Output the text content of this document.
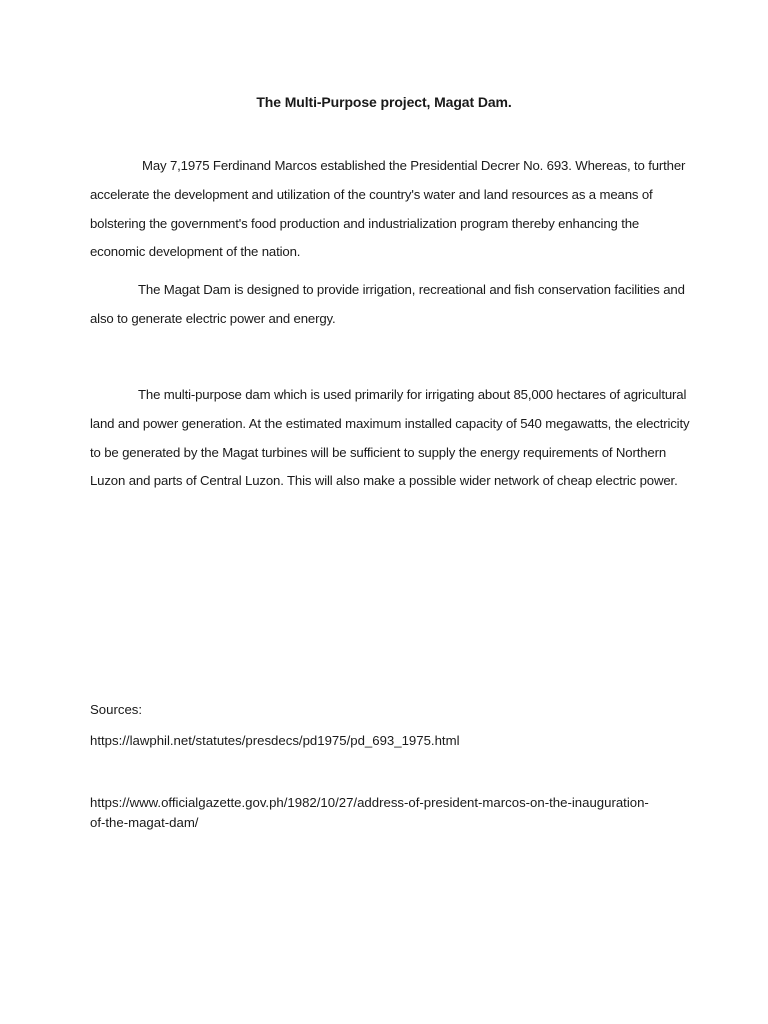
The Multi-Purpose project, Magat Dam.

May 7,1975 Ferdinand Marcos established the Presidential Decrer No. 693. Whereas, to further accelerate the development and utilization of the country's water and land resources as a means of bolstering the government's food production and industrialization program thereby enhancing the economic development of the nation.

The Magat Dam is designed to provide irrigation, recreational and fish conservation facilities and also to generate electric power and energy.

The multi-purpose dam which is used primarily for irrigating about 85,000 hectares of agricultural land and power generation. At the estimated maximum installed capacity of 540 megawatts, the electricity to be generated by the Magat turbines will be sufficient to supply the energy requirements of Northern Luzon and parts of Central Luzon. This will also make a possible wider network of cheap electric power.

Sources:

https://lawphil.net/statutes/presdecs/pd1975/pd_693_1975.html
https://www.officialgazette.gov.ph/1982/10/27/address-of-president-marcos-on-the-inauguration-of-the-magat-dam/
